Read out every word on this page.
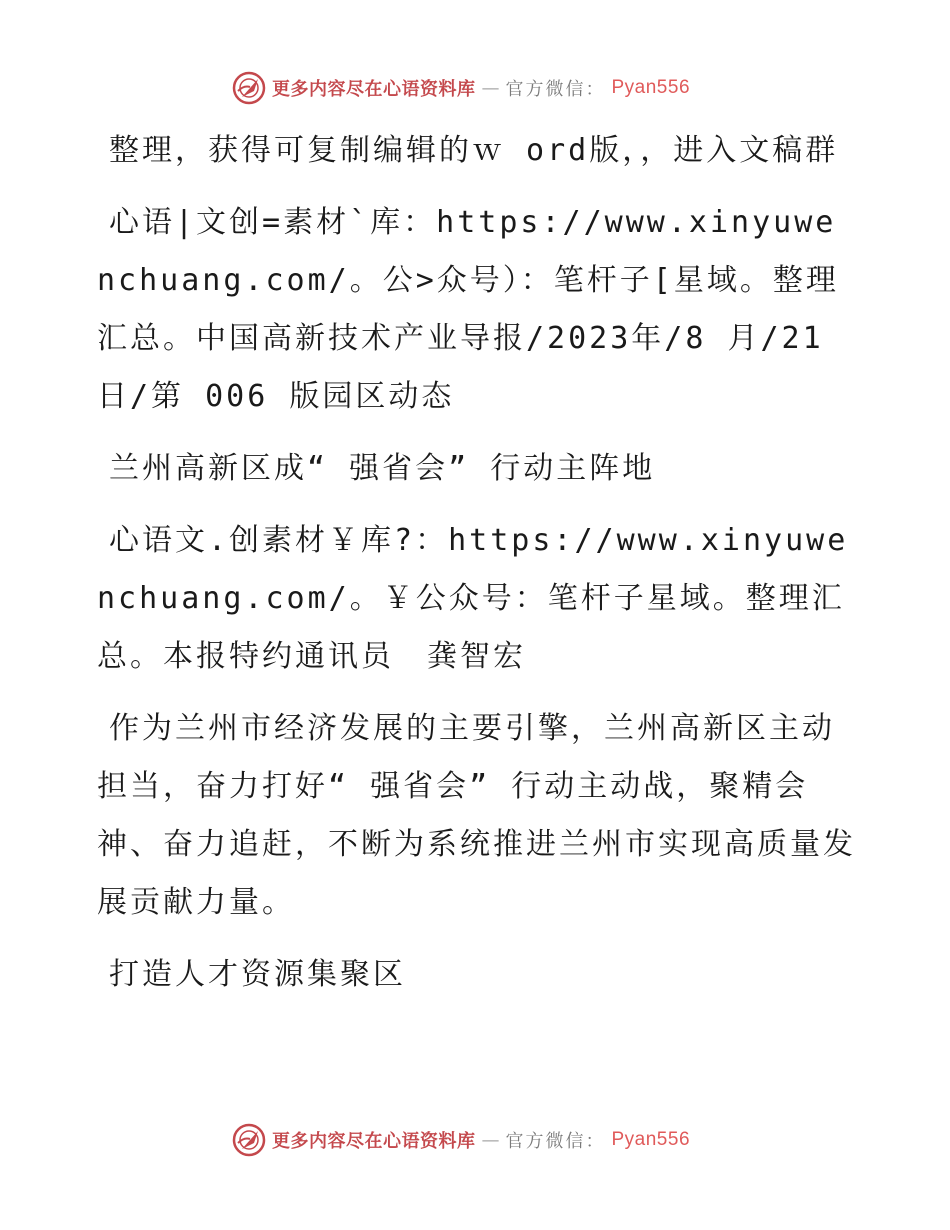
更多内容尽在心语资料库 — 官方微信： Pyan556

整理，获得可复制编辑的ｗ ord版，，进入文稿群

心语|文创=素材`库：https://www.xinyuwenchuang.com/。公>众号）：笔杆子[星域。整理汇总。中国高新技术产业导报/2023年/8 月/21 日/第 006 版园区动态

兰州高新区成“ 强省会” 行动主阵地

心语文.创素材￥库?：https://www.xinyuwenchuang.com/。￥公众号：笔杆子星域。整理汇总。本报特约通讯员　龚智宏

作为兰州市经济发展的主要引擎，兰州高新区主动担当，奋力打好“ 强省会” 行动主动战，聚精会神、奋力追赶，不断为系统推进兰州市实现高质量发展贡献力量。

打造人才资源集聚区

更多内容尽在心语资料库 — 官方微信： Pyan556
